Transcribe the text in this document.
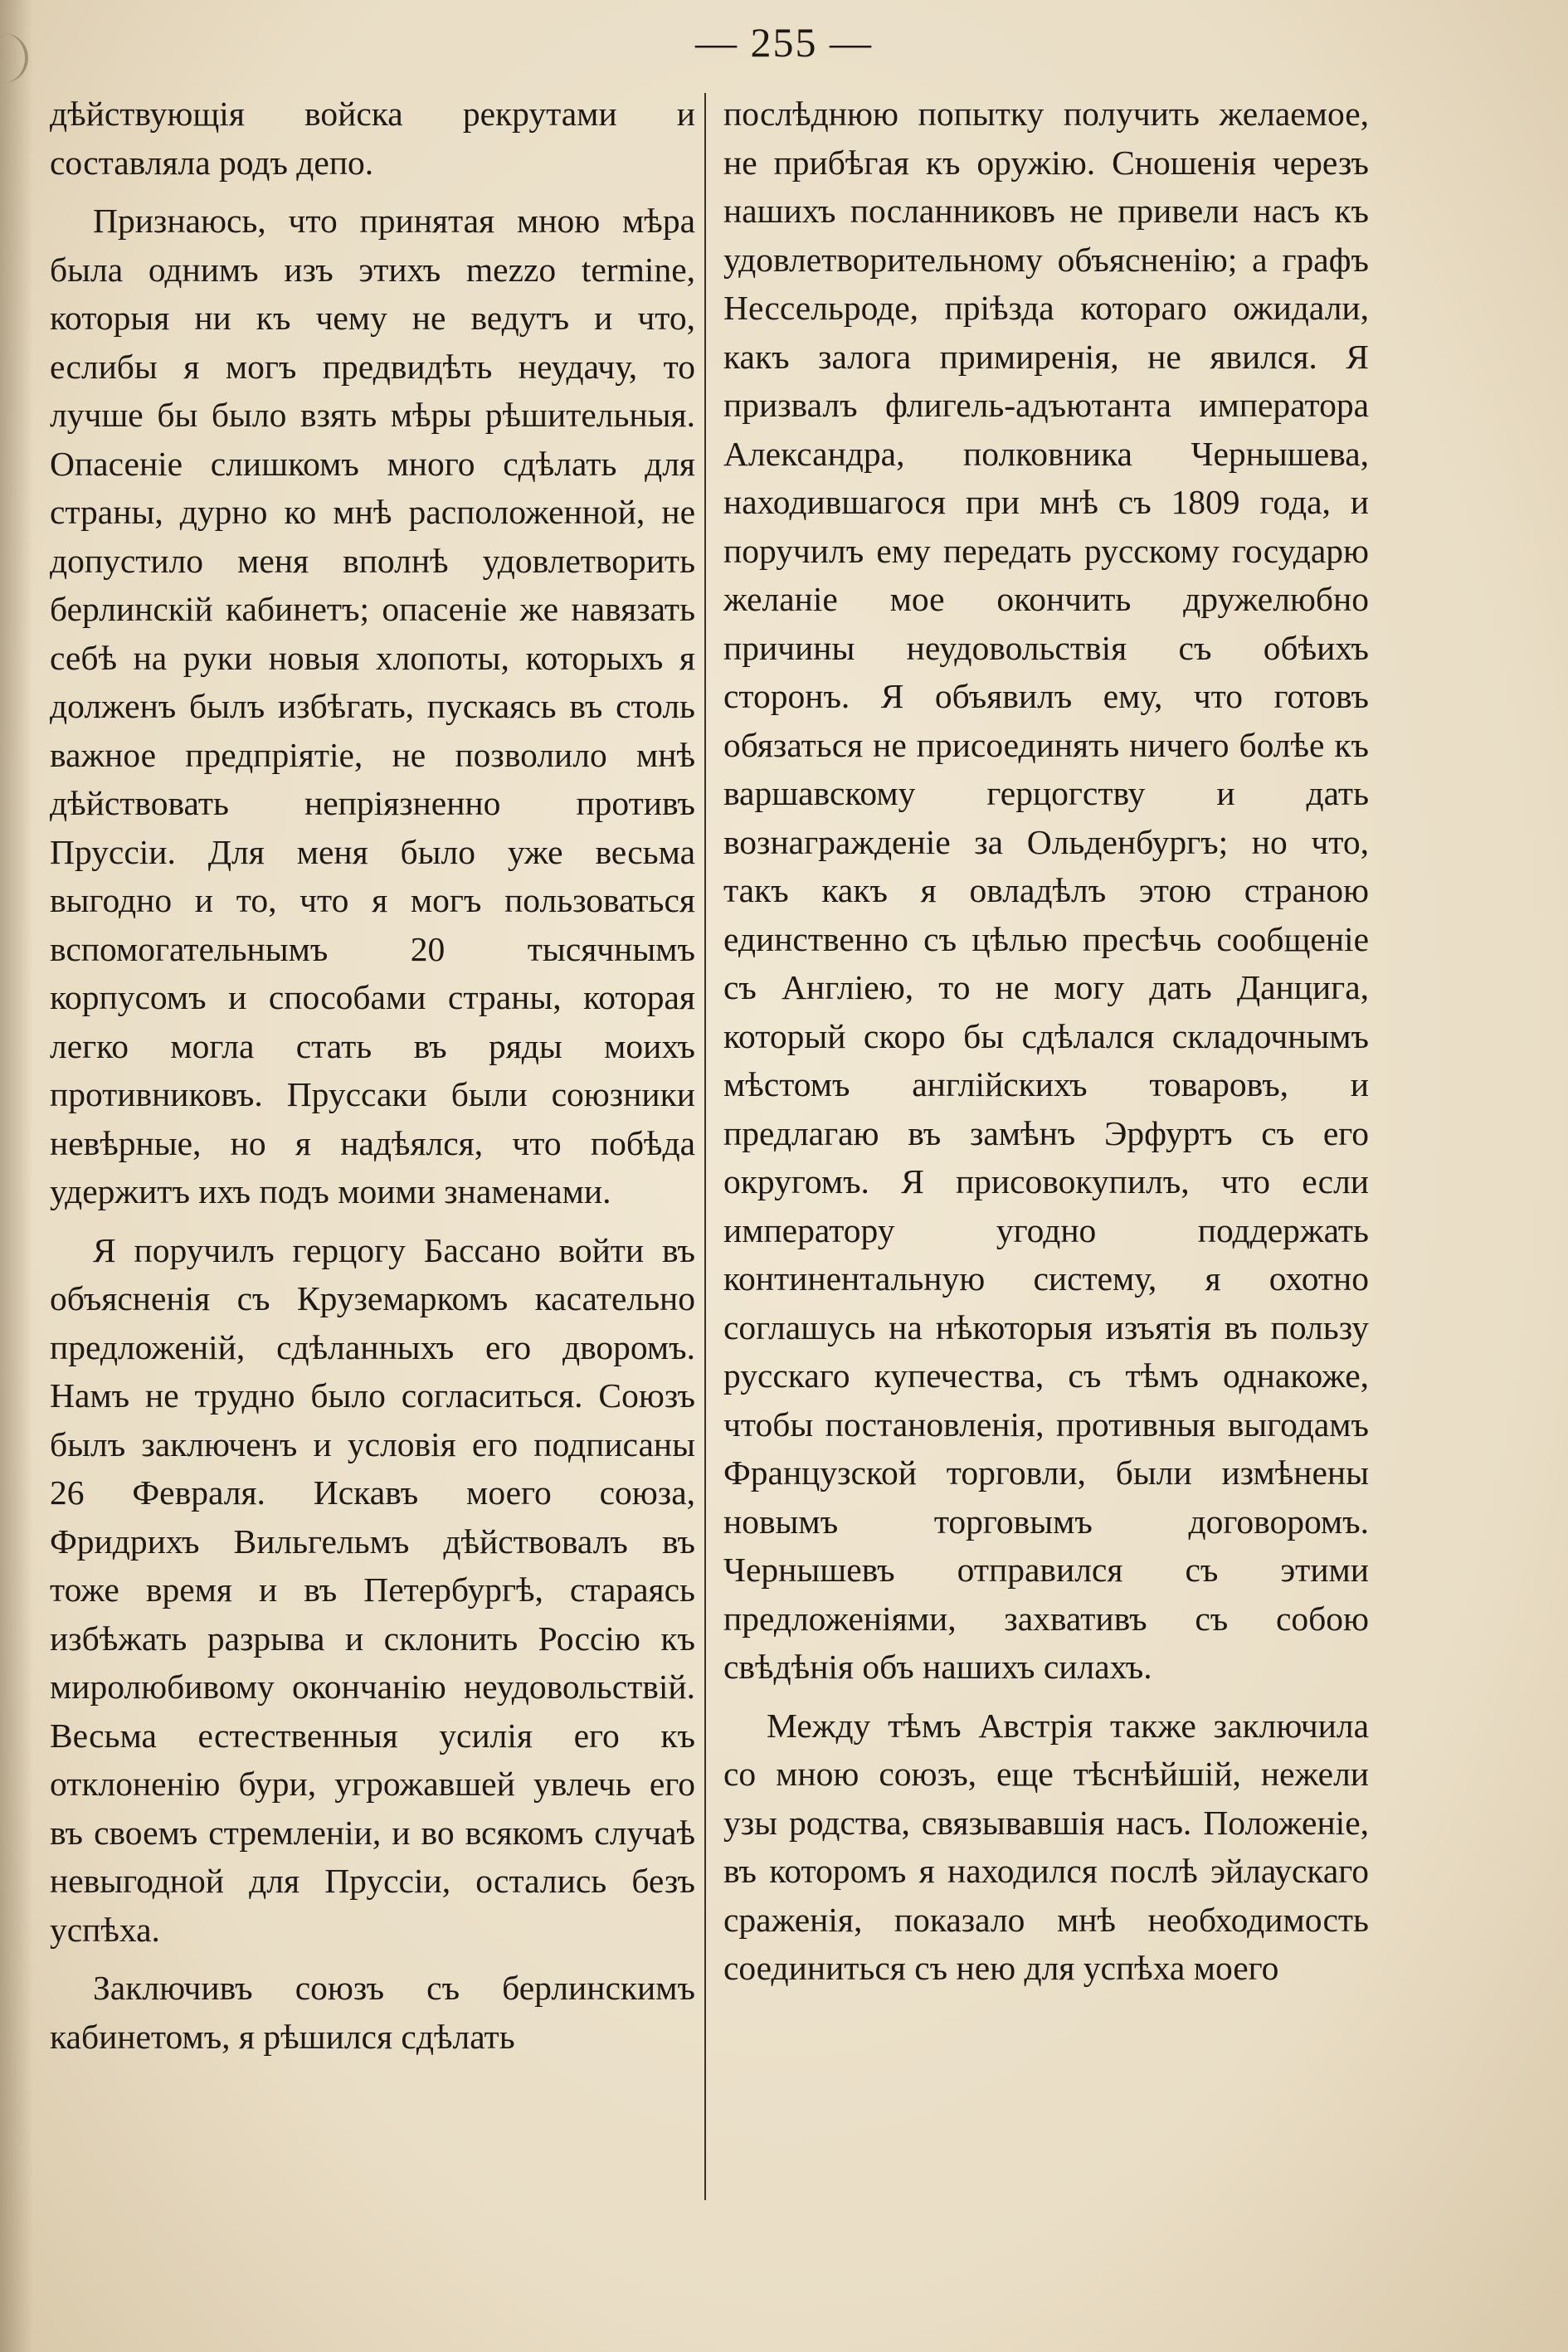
— 255 —

дѣйствующія войска рекрутами и составляла родъ депо.

Признаюсь, что принятая мною мѣра была однимъ изъ этихъ mezzo termine, которыя ни къ чему не ведутъ и что, еслибы я могъ предвидѣть неудачу, то лучше бы было взять мѣры рѣшительныя. Опасеніе слишкомъ много сдѣлать для страны, дурно ко мнѣ расположенной, не допустило меня вполнѣ удовлетворить берлинскій кабинетъ; опасеніе же навязать себѣ на руки новыя хлопоты, которыхъ я долженъ былъ избѣгать, пускаясь въ столь важное предпріятіе, не позволило мнѣ дѣйствовать непріязненно противъ Пруссіи. Для меня было уже весьма выгодно и то, что я могъ пользоваться вспомогательнымъ 20 тысячнымъ корпусомъ и способами страны, которая легко могла стать въ ряды моихъ противниковъ. Пруссаки были союзники невѣрные, но я надѣялся, что побѣда удержитъ ихъ подъ моими знаменами.

Я поручилъ герцогу Бассано войти въ объясненія съ Круземаркомъ касательно предложеній, сдѣланныхъ его дворомъ. Намъ не трудно было согласиться. Союзъ былъ заключенъ и условія его подписаны 26 Февраля. Искавъ моего союза, Фридрихъ Вильгельмъ дѣйствовалъ въ тоже время и въ Петербургѣ, стараясь избѣжать разрыва и склонить Россію къ миролюбивому окончанію неудовольствій. Весьма естественныя усилія его къ отклоненію бури, угрожавшей увлечь его въ своемъ стремленіи, и во всякомъ случаѣ невыгодной для Пруссіи, остались безъ успѣха.

Заключивъ союзъ съ берлинскимъ кабинетомъ, я рѣшился сдѣлать

послѣднюю попытку получить желаемое, не прибѣгая къ оружію. Сношенія черезъ нашихъ посланниковъ не привели насъ къ удовлетворительному объясненію; а графъ Нессельроде, пріѣзда котораго ожидали, какъ залога примиренія, не явился. Я призвалъ флигель-адъютанта императора Александра, полковника Чернышева, находившагося при мнѣ съ 1809 года, и поручилъ ему передать русскому государю желаніе мое окончить дружелюбно причины неудовольствія съ обѣихъ сторонъ. Я объявилъ ему, что готовъ обязаться не присоединять ничего болѣе къ варшавскому герцогству и дать вознагражденіе за Ольденбургъ; но что, такъ какъ я овладѣлъ этою страною единственно съ цѣлью пресѣчь сообщеніе съ Англіею, то не могу дать Данцига, который скоро бы сдѣлался складочнымъ мѣстомъ англійскихъ товаровъ, и предлагаю въ замѣнъ Эрфуртъ съ его округомъ. Я присовокупилъ, что если императору угодно поддержать континентальную систему, я охотно соглашусь на нѣкоторыя изъятія въ пользу русскаго купечества, съ тѣмъ однакоже, чтобы постановленія, противныя выгодамъ Французской торговли, были измѣнены новымъ торговымъ договоромъ. Чернышевъ отправился съ этими предложеніями, захвативъ съ собою свѣдѣнія объ нашихъ силахъ.

Между тѣмъ Австрія также заключила со мною союзъ, еще тѣснѣйшій, нежели узы родства, связывавшія насъ. Положеніе, въ которомъ я находился послѣ эйлаускаго сраженія, показало мнѣ необходимость соединиться съ нею для успѣха моего
